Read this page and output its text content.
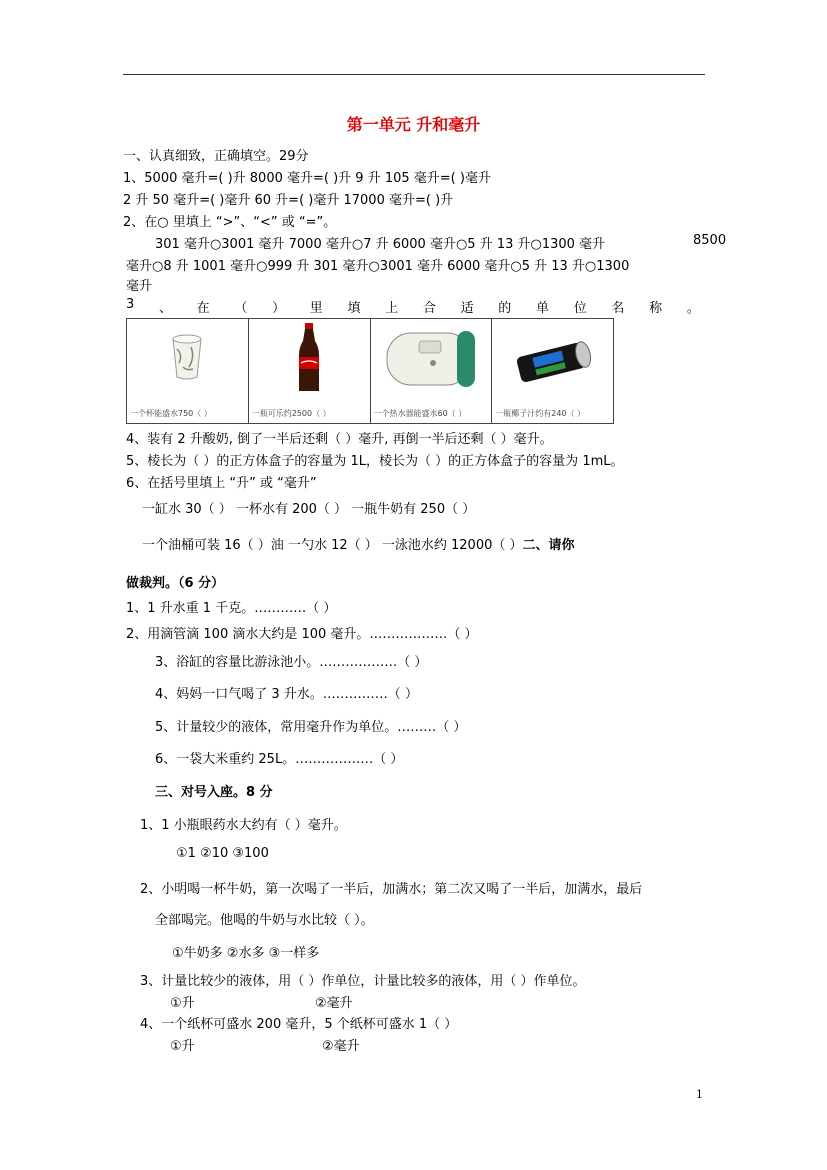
第一单元 升和毫升
一、认真细致，正确填空。29分
1、5000 毫升=( )升 8000 毫升=( )升 9 升 105 毫升=( )毫升
2 升 50 毫升=( )毫升 60 升=( )毫升 17000 毫升=( )升
2、在○ 里填上 “>”、“<” 或 “=”。
301 毫升○3001 毫升 7000 毫升○7 升 6000 毫升○5 升 13 升○1300 毫升	8500
毫升○8 升 1001 毫升○999 升 301 毫升○3001 毫升 6000 毫升○5 升 13 升○1300
毫升
3 、 在 （ ） 里 填 上 合 适 的 单 位 名 称 。
一个杯能盛水750（ ）	一瓶可乐约2500（ ）	一个热水器能盛水60（ ）	一瓶椰子汁约有240（ ）
4、装有 2 升酸奶, 倒了一半后还剩（ ）毫升, 再倒一半后还剩（ ）毫升。
5、棱长为（ ）的正方体盒子的容量为 1L，棱长为（ ）的正方体盒子的容量为 1mL。
6、在括号里填上 “升” 或 “毫升”
一缸水 30（ ） 一杯水有 200（ ） 一瓶牛奶有 250（ ）
一个油桶可装 16（ ）油 一勺水 12（ ） 一泳池水约 12000（ ）二、请你
做裁判。（6 分）
1、1 升水重 1 千克。…………（ ）
2、用滴管滴 100 滴水大约是 100 毫升。………………（ ）
3、浴缸的容量比游泳池小。………………（ ）
4、妈妈一口气喝了 3 升水。……………（ ）
5、计量较少的液体，常用毫升作为单位。………（ ）
6、一袋大米重约 25L。………………（ ）
三、对号入座。8 分
1、1 小瓶眼药水大约有（ ）毫升。
①1 ②10 ③100
2、小明喝一杯牛奶，第一次喝了一半后，加满水；第二次又喝了一半后，加满水，最后
全部喝完。他喝的牛奶与水比较（ ）。
①牛奶多 ②水多 ③一样多
3、计量比较少的液体，用（ ）作单位，计量比较多的液体，用（ ）作单位。
①升	②毫升
4、一个纸杯可盛水 200 毫升，5 个纸杯可盛水 1（ ）
①升	②毫升
1
